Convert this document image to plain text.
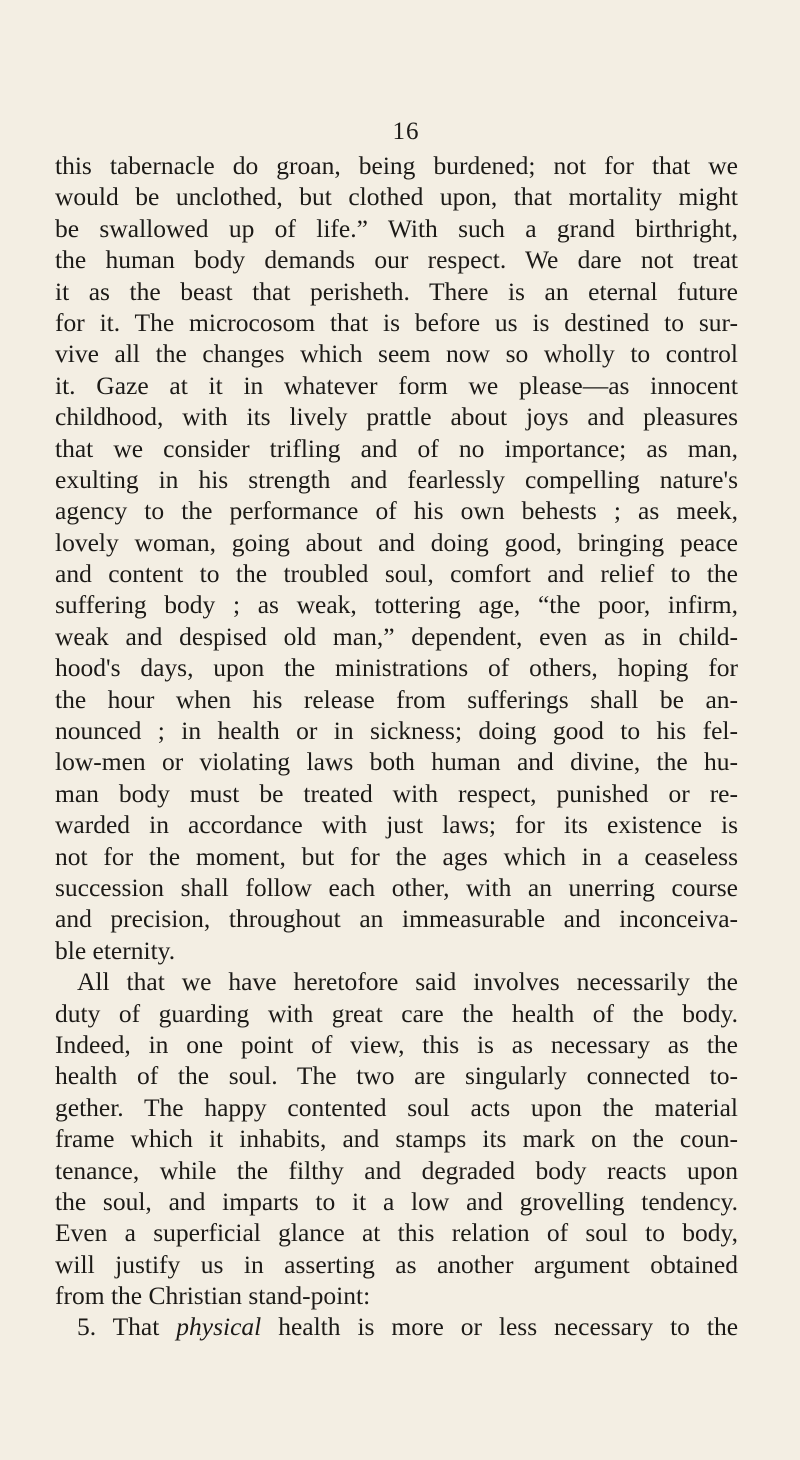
16
this tabernacle do groan, being burdened; not for that we
would be unclothed, but clothed upon, that mortality might
be swallowed up of life.” With such a grand birthright,
the human body demands our respect. We dare not treat
it as the beast that perisheth. There is an eternal future
for it. The microcosom that is before us is destined to sur-
vive all the changes which seem now so wholly to control
it. Gaze at it in whatever form we please—as innocent
childhood, with its lively prattle about joys and pleasures
that we consider trifling and of no importance; as man,
exulting in his strength and fearlessly compelling nature's
agency to the performance of his own behests ; as meek,
lovely woman, going about and doing good, bringing peace
and content to the troubled soul, comfort and relief to the
suffering body ; as weak, tottering age, “the poor, infirm,
weak and despised old man,” dependent, even as in child-
hood's days, upon the ministrations of others, hoping for
the hour when his release from sufferings shall be an-
nounced ; in health or in sickness; doing good to his fel-
low-men or violating laws both human and divine, the hu-
man body must be treated with respect, punished or re-
warded in accordance with just laws; for its existence is
not for the moment, but for the ages which in a ceaseless
succession shall follow each other, with an unerring course
and precision, throughout an immeasurable and inconceiva-
ble eternity.
All that we have heretofore said involves necessarily the
duty of guarding with great care the health of the body.
Indeed, in one point of view, this is as necessary as the
health of the soul. The two are singularly connected to-
gether. The happy contented soul acts upon the material
frame which it inhabits, and stamps its mark on the coun-
tenance, while the filthy and degraded body reacts upon
the soul, and imparts to it a low and grovelling tendency.
Even a superficial glance at this relation of soul to body,
will justify us in asserting as another argument obtained
from the Christian stand-point:
5. That physical health is more or less necessary to the
